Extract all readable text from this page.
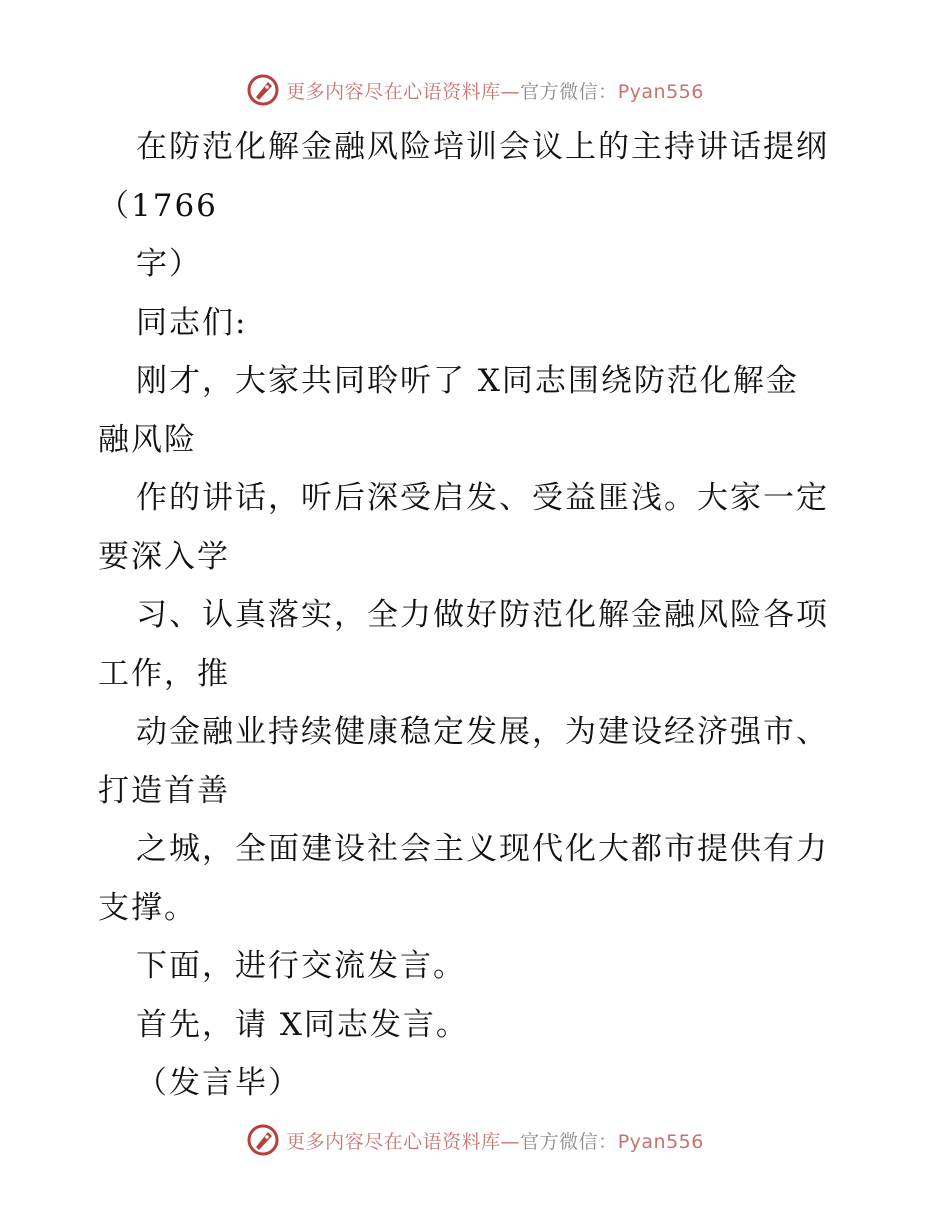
更多内容尽在心语资料库—官方微信：Pyan556
在防范化解金融风险培训会议上的主持讲话提纲
（1766
字）
同志们:
刚才，大家共同聆听了 X同志围绕防范化解金
融风险
作的讲话，听后深受启发、受益匪浅。大家一定
要深入学
习、认真落实，全力做好防范化解金融风险各项
工作，推
动金融业持续健康稳定发展，为建设经济强市、
打造首善
之城，全面建设社会主义现代化大都市提供有力
支撑。
下面，进行交流发言。
首先，请 X同志发言。
（发言毕）
更多内容尽在心语资料库—官方微信：Pyan556
